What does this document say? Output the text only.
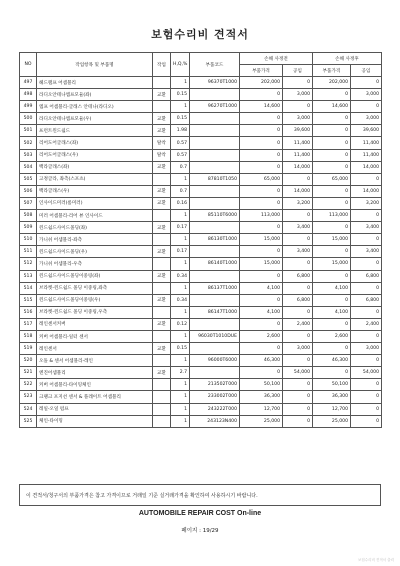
보험수리비 견적서
NO	작업항목 및 부품명	작업	H,Q,%	부품코드	손해 사정전		손해 사정후	
					부품가격	공임	부품가격	공임
497	헤드램프 어셈블리		1	96370T1000	202,000	0	202,000	0
498	라디오안테나엠프모듈(좌)	교환	0.15		0	3,000	0	3,000
499	엠프 어셈블리-글래스 안테나(라디오)		1	96270T1000	14,600	0	14,600	0
500	라디오안테나엠프모듈(우)	교환	0.15		0	3,000	0	3,000
501	프런트윈드쉴드	교환	1.98		0	39,600	0	39,600
502	리어도어글래스(좌)	탈착	0.57		0	11,400	0	11,400
503	리어도어글래스(우)	탈착	0.57		0	11,400	0	11,400
504	백라글래스(좌)	교환	0.7		0	14,000	0	14,000
505	고정글라, 좌측(스포츠)		1	87810T1050	65,000	0	65,000	0
506	백라글래스(우)	교환	0.7		0	14,000	0	14,000
507	인사이드미러(룸미러)	교환	0.16		0	3,200	0	3,200
508	미러 어셈블리-리어 뷰 인사이드		1	85110T6000	113,000	0	113,000	0
509	윈드쉴드사이드몰딩(좌)	교환	0.17		0	3,400	0	3,400
510	가니쉬 어셈블리-좌측		1	86130T1000	15,000	0	15,000	0
511	윈드쉴드사이드몰딩(우)	교환	0.17		0	3,400	0	3,400
512	가니쉬 어셈블리-우측		1	86140T1000	15,000	0	15,000	0
513	윈드쉴드사이드몰딩이중링(좌)	교환	0.34		0	6,800	0	6,800
514	브라켓-윈드쉴드 몰딩 이중링,좌측		1	86137T1000	4,100	0	4,100	0
515	윈드쉴드사이드몰딩이중링(우)	교환	0.34		0	6,800	0	6,800
516	브라켓-윈드쉴드 몰딩 이중링,우측		1	86147T1000	4,100	0	4,100	0
517	레인센서커버	교환	0.12		0	2,400	0	2,400
518	커버 어셈블리-일터 센서		1	96030T1010DUE	2,600	0	2,600	0
519	레인센서	교환	0.15		0	3,000	0	3,000
520	오돌 & 센서 어셈블리-레인		1	96000T6000	46,300	0	46,300	0
521	엔진어셈블리	교환	2.7		0	54,000	0	54,000
522	커버 어셈블리-타이밍체인		1	213502T000	50,100	0	50,100	0
523	크랭크 포지션 센서 & 플레이트 어셈블리		1	233002T000	36,300	0	36,300	0
524	레일-오일 펌프		1	243222T000	12,700	0	12,700	0
525	체인-타이밍		1	243123N400	25,000	0	25,000	0
이 견적서/청구서의 부품가격은 참고 가격이므로 거래일 기준 실거래가격을 확인하여 사용하시기 바랍니다.
AUTOMOBILE REPAIR COST On-line
페이지 : 19/29
보험수리비 견적서 출력
